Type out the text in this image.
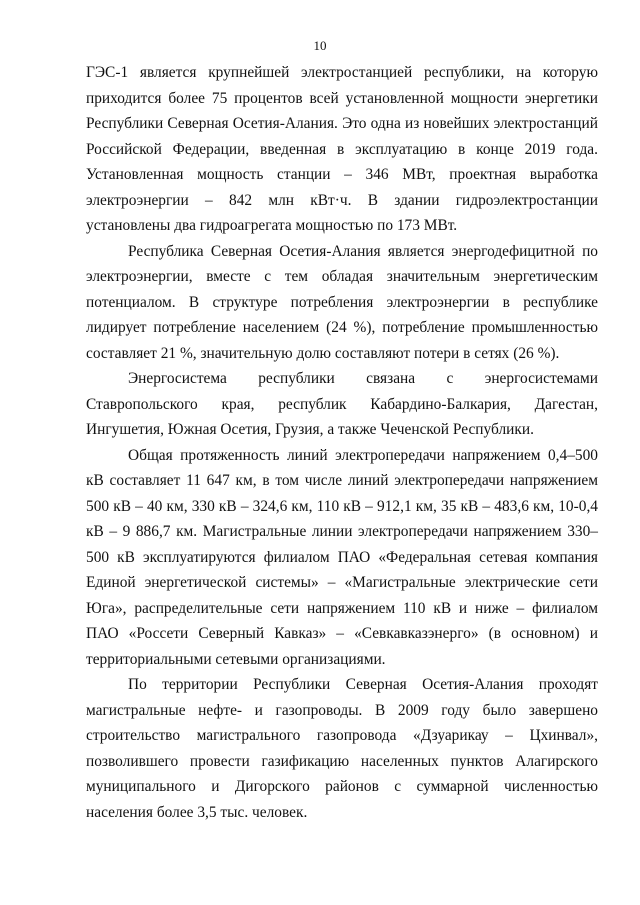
10

ГЭС-1 является крупнейшей электростанцией республики, на которую приходится более 75 процентов всей установленной мощности энергетики Республики Северная Осетия-Алания. Это одна из новейших электростанций Российской Федерации, введенная в эксплуатацию в конце 2019 года. Установленная мощность станции – 346 МВт, проектная выработка электроэнергии – 842 млн кВт·ч. В здании гидроэлектростанции установлены два гидроагрегата мощностью по 173 МВт.

Республика Северная Осетия-Алания является энергодефицитной по электроэнергии, вместе с тем обладая значительным энергетическим потенциалом. В структуре потребления электроэнергии в республике лидирует потребление населением (24 %), потребление промышленностью составляет 21 %, значительную долю составляют потери в сетях (26 %).

Энергосистема республики связана с энергосистемами Ставропольского края, республик Кабардино-Балкария, Дагестан, Ингушетия, Южная Осетия, Грузия, а также Чеченской Республики.

Общая протяженность линий электропередачи напряжением 0,4–500 кВ составляет 11 647 км, в том числе линий электропередачи напряжением 500 кВ – 40 км, 330 кВ – 324,6 км, 110 кВ – 912,1 км, 35 кВ – 483,6 км, 10-0,4 кВ – 9 886,7 км. Магистральные линии электропередачи напряжением 330–500 кВ эксплуатируются филиалом ПАО «Федеральная сетевая компания Единой энергетической системы» – «Магистральные электрические сети Юга», распределительные сети напряжением 110 кВ и ниже – филиалом ПАО «Россети Северный Кавказ» – «Севкавказэнерго» (в основном) и территориальными сетевыми организациями.

По территории Республики Северная Осетия-Алания проходят магистральные нефте- и газопроводы. В 2009 году было завершено строительство магистрального газопровода «Дзуарикау – Цхинвал», позволившего провести газификацию населенных пунктов Алагирского муниципального и Дигорского районов с суммарной численностью населения более 3,5 тыс. человек.
